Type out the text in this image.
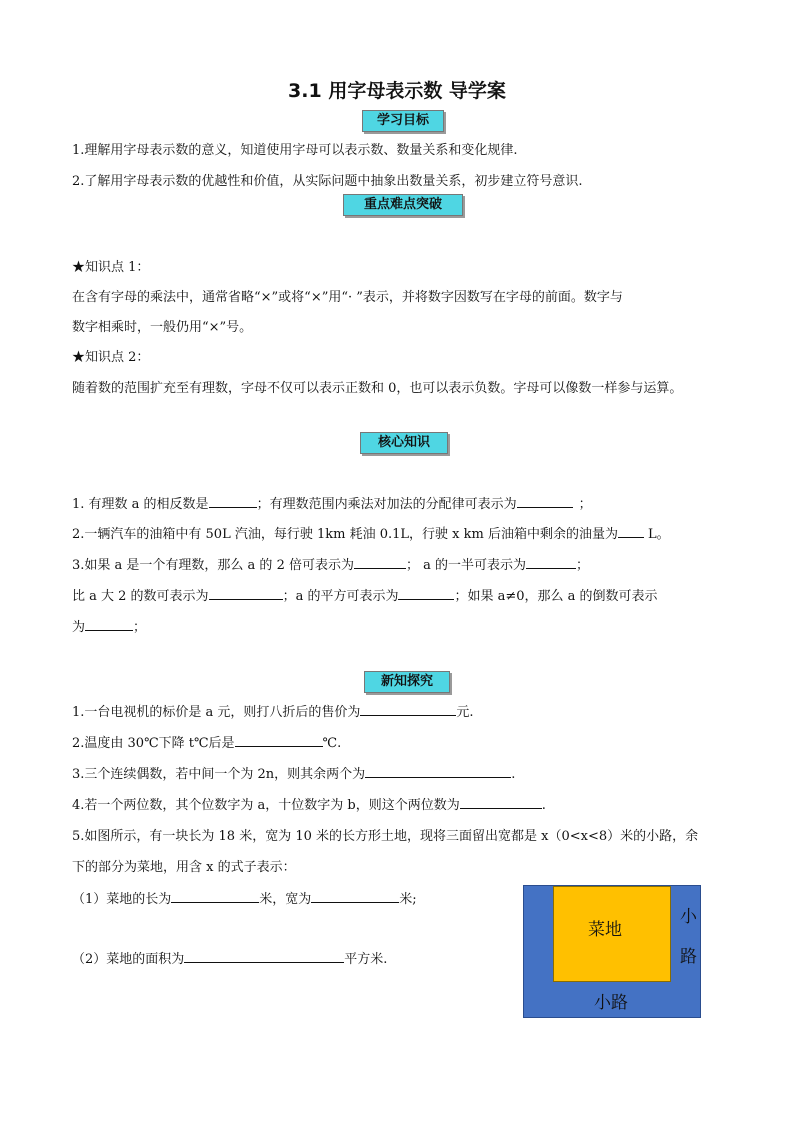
3.1 用字母表示数 导学案
学习目标
1.理解用字母表示数的意义，知道使用字母可以表示数、数量关系和变化规律.
2.了解用字母表示数的优越性和价值，从实际问题中抽象出数量关系，初步建立符号意识.
重点难点突破
★知识点 1：
在含有字母的乘法中，通常省略“×”或将“×”用“· ”表示，并将数字因数写在字母的前面。数字与
数字相乘时，一般仍用“×”号。
★知识点 2：
随着数的范围扩充至有理数，字母不仅可以表示正数和 0，也可以表示负数。字母可以像数一样参与运算。
核心知识
1. 有理数 a 的相反数是	；有理数范围内乘法对加法的分配律可表示为	；
2.一辆汽车的油箱中有 50L 汽油，每行驶 1km 耗油 0.1L，行驶 x km 后油箱中剩余的油量为 L。
3.如果 a 是一个有理数，那么 a 的 2 倍可表示为	； a 的一半可表示为	；
比 a 大 2 的数可表示为	；a 的平方可表示为	；如果 a≠0，那么 a 的倒数可表示
为	；
新知探究
1.一台电视机的标价是 a 元，则打八折后的售价为	元.
2.温度由 30℃下降 t℃后是	℃.
3.三个连续偶数，若中间一个为 2n，则其余两个为	.
4.若一个两位数，其个位数字为 a，十位数字为 b，则这个两位数为	.
5.如图所示，有一块长为 18 米，宽为 10 米的长方形土地，现将三面留出宽都是 x（0<x<8）米的小路，余
下的部分为菜地，用含 x 的式子表示：
（1）菜地的长为	米，宽为	米;
（2）菜地的面积为	平方米.
菜地
小
路
小路
